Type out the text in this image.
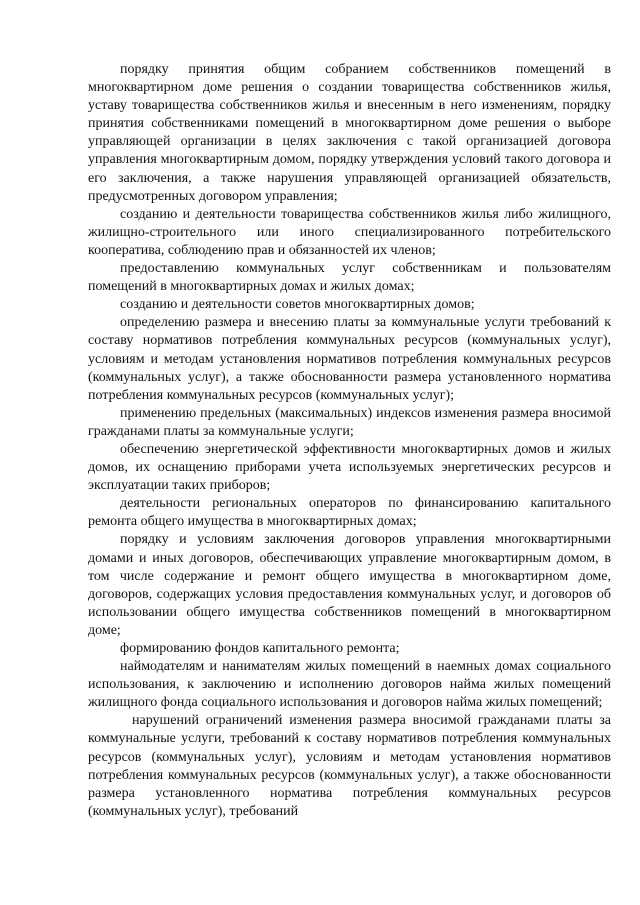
порядку принятия общим собранием собственников помещений в многоквартирном доме решения о создании товарищества собственников жилья, уставу товарищества собственников жилья и внесенным в него изменениям, порядку принятия собственниками помещений в многоквартирном доме решения о выборе управляющей организации в целях заключения с такой организацией договора управления многоквартирным домом, порядку утверждения условий такого договора и его заключения, а также нарушения управляющей организацией обязательств, предусмотренных договором управления;

созданию и деятельности товарищества собственников жилья либо жилищного, жилищно-строительного или иного специализированного потребительского кооператива, соблюдению прав и обязанностей их членов;

предоставлению коммунальных услуг собственникам и пользователям помещений в многоквартирных домах и жилых домах;

созданию и деятельности советов многоквартирных домов;

определению размера и внесению платы за коммунальные услуги требований к составу нормативов потребления коммунальных ресурсов (коммунальных услуг), условиям и методам установления нормативов потребления коммунальных ресурсов (коммунальных услуг), а также обоснованности размера установленного норматива потребления коммунальных ресурсов (коммунальных услуг);

применению предельных (максимальных) индексов изменения размера вносимой гражданами платы за коммунальные услуги;

обеспечению энергетической эффективности многоквартирных домов и жилых домов, их оснащению приборами учета используемых энергетических ресурсов и эксплуатации таких приборов;

деятельности региональных операторов по финансированию капитального ремонта общего имущества в многоквартирных домах;

порядку и условиям заключения договоров управления многоквартирными домами и иных договоров, обеспечивающих управление многоквартирным домом, в том числе содержание и ремонт общего имущества в многоквартирном доме, договоров, содержащих условия предоставления коммунальных услуг, и договоров об использовании общего имущества собственников помещений в многоквартирном доме;

формированию фондов капитального ремонта;

наймодателям и нанимателям жилых помещений в наемных домах социального использования, к заключению и исполнению договоров найма жилых помещений жилищного фонда социального использования и договоров найма жилых помещений;

нарушений ограничений изменения размера вносимой гражданами платы за коммунальные услуги, требований к составу нормативов потребления коммунальных ресурсов (коммунальных услуг), условиям и методам установления нормативов потребления коммунальных ресурсов (коммунальных услуг), а также обоснованности размера установленного норматива потребления коммунальных ресурсов (коммунальных услуг), требований
